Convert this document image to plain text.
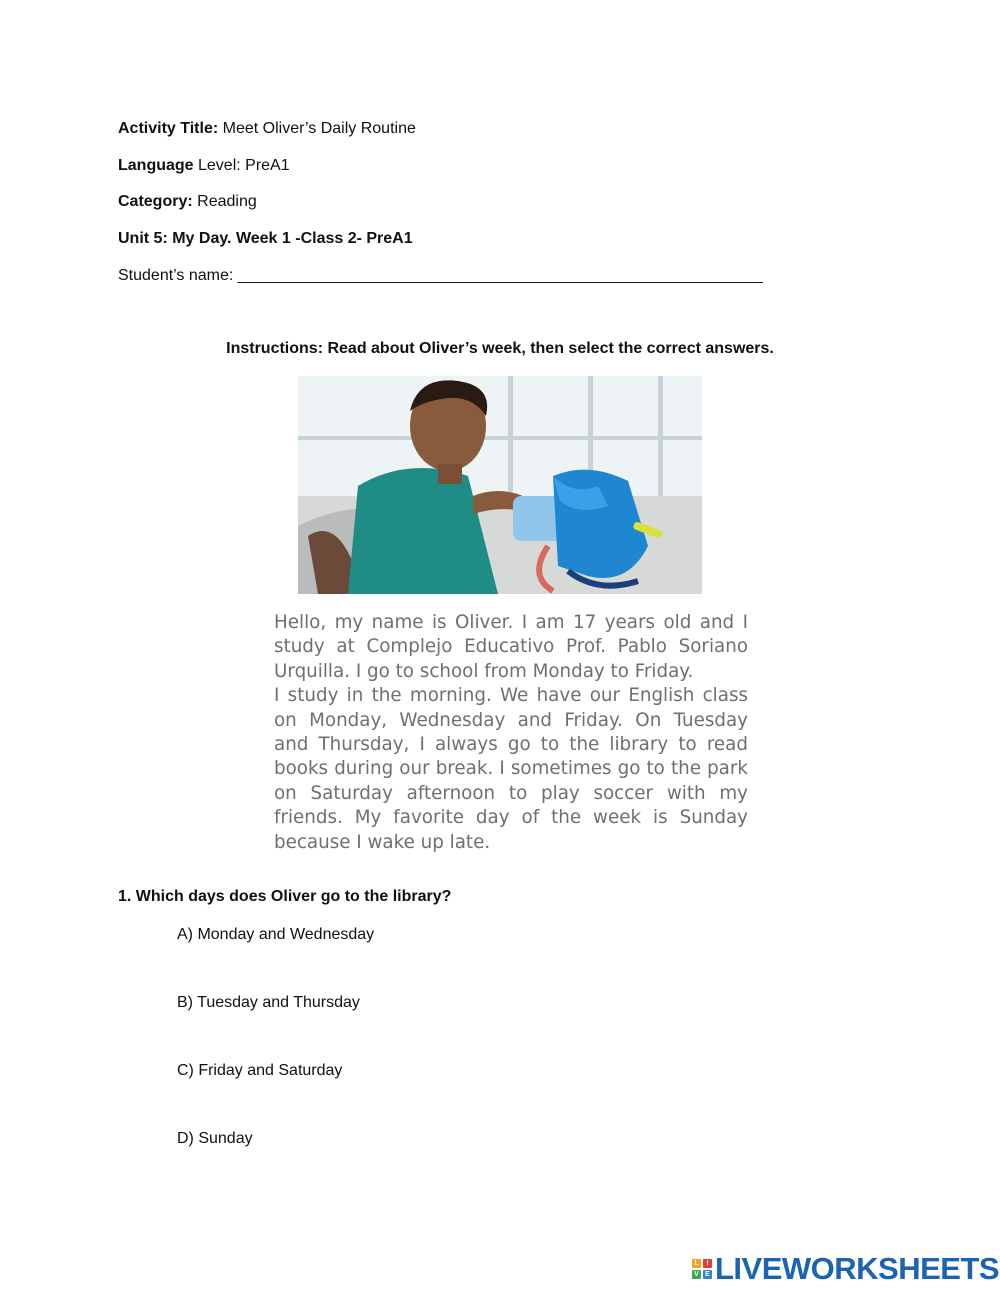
Activity Title: Meet Oliver’s Daily Routine
Language Level: PreA1
Category: Reading
Unit 5: My Day. Week 1 -Class 2- PreA1
Student’s name: ___________________________________________________________
Instructions: Read about Oliver’s week, then select the correct answers.

Hello, my name is Oliver. I am 17 years old and I study at Complejo Educativo Prof. Pablo Soriano Urquilla. I go to school from Monday to Friday.

I study in the morning. We have our English class on Monday, Wednesday and Friday. On Tuesday and Thursday, I always go to the library to read books during our break. I sometimes go to the park on Saturday afternoon to play soccer with my friends. My favorite day of the week is Sunday because I wake up late.

1. Which days does Oliver go to the library?
A) Monday and Wednesday
B) Tuesday and Thursday
C) Friday and Saturday
D) Sunday
L	I
V E LIVEWORKSHEETS
